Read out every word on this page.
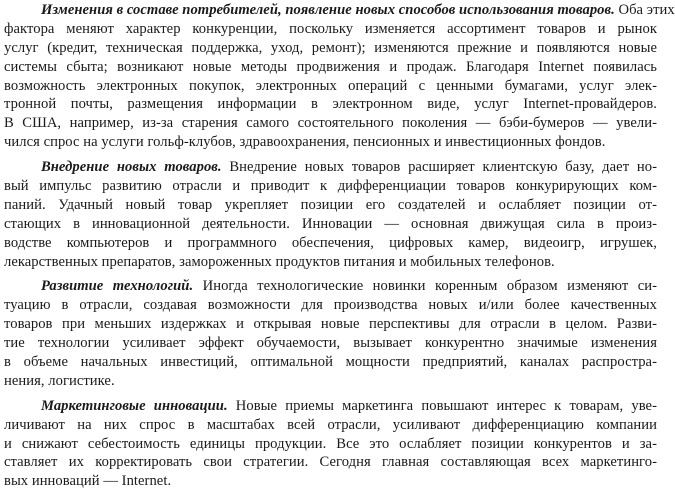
Изменения в составе потребителей, появление новых способов использования товаров. Оба этих
фактора меняют характер конкуренции, поскольку изменяется ассортимент товаров и рынок
услуг (кредит, техническая поддержка, уход, ремонт); изменяются прежние и появляются новые
системы сбыта; возникают новые методы продвижения и продаж. Благодаря Internet появилась
возможность электронных покупок, электронных операций с ценными бумагами, услуг элек-
тронной почты, размещения информации в электронном виде, услуг Internet-провайдеров.
В США, например, из-за старения самого состоятельного поколения — бэби-бумеров — увели-
чился спрос на услуги гольф-клубов, здравоохранения, пенсионных и инвестиционных фондов.
Внедрение новых товаров. Внедрение новых товаров расширяет клиентскую базу, дает но-
вый импульс развитию отрасли и приводит к дифференциации товаров конкурирующих ком-
паний. Удачный новый товар укрепляет позиции его создателей и ослабляет позиции от-
стающих в инновационной деятельности. Инновации — основная движущая сила в произ-
водстве компьютеров и программного обеспечения, цифровых камер, видеоигр, игрушек,
лекарственных препаратов, замороженных продуктов питания и мобильных телефонов.
Развитие технологий. Иногда технологические новинки коренным образом изменяют си-
туацию в отрасли, создавая возможности для производства новых и/или более качественных
товаров при меньших издержках и открывая новые перспективы для отрасли в целом. Разви-
тие технологии усиливает эффект обучаемости, вызывает конкурентно значимые изменения
в объеме начальных инвестиций, оптимальной мощности предприятий, каналах распростра-
нения, логистике.
Маркетинговые инновации. Новые приемы маркетинга повышают интерес к товарам, уве-
личивают на них спрос в масштабах всей отрасли, усиливают дифференциацию компании
и снижают себестоимость единицы продукции. Все это ослабляет позиции конкурентов и за-
ставляет их корректировать свои стратегии. Сегодня главная составляющая всех маркетинго-
вых инноваций — Internet.
